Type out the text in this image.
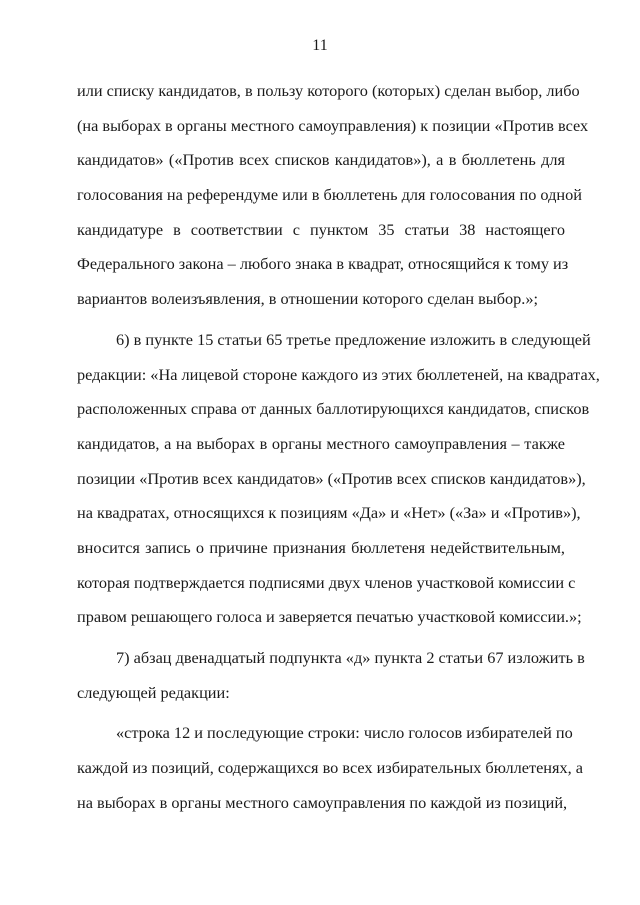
11
или списку кандидатов, в пользу которого (которых) сделан выбор, либо
(на выборах в органы местного самоуправления) к позиции «Против всех
кандидатов» («Против всех списков кандидатов»), а в бюллетень для
голосования на референдуме или в бюллетень для голосования по одной
кандидатуре в соответствии с пунктом 35 статьи 38 настоящего
Федерального закона – любого знака в квадрат, относящийся к тому из
вариантов волеизъявления, в отношении которого сделан выбор.»;
6) в пункте 15 статьи 65 третье предложение изложить в следующей
редакции: «На лицевой стороне каждого из этих бюллетеней, на квадратах,
расположенных справа от данных баллотирующихся кандидатов, списков
кандидатов, а на выборах в органы местного самоуправления – также
позиции «Против всех кандидатов» («Против всех списков кандидатов»),
на квадратах, относящихся к позициям «Да» и «Нет» («За» и «Против»),
вносится запись о причине признания бюллетеня недействительным,
которая подтверждается подписями двух членов участковой комиссии с
правом решающего голоса и заверяется печатью участковой комиссии.»;
7) абзац двенадцатый подпункта «д» пункта 2 статьи 67 изложить в
следующей редакции:
«строка 12 и последующие строки: число голосов избирателей по
каждой из позиций, содержащихся во всех избирательных бюллетенях, а
на выборах в органы местного самоуправления по каждой из позиций,
